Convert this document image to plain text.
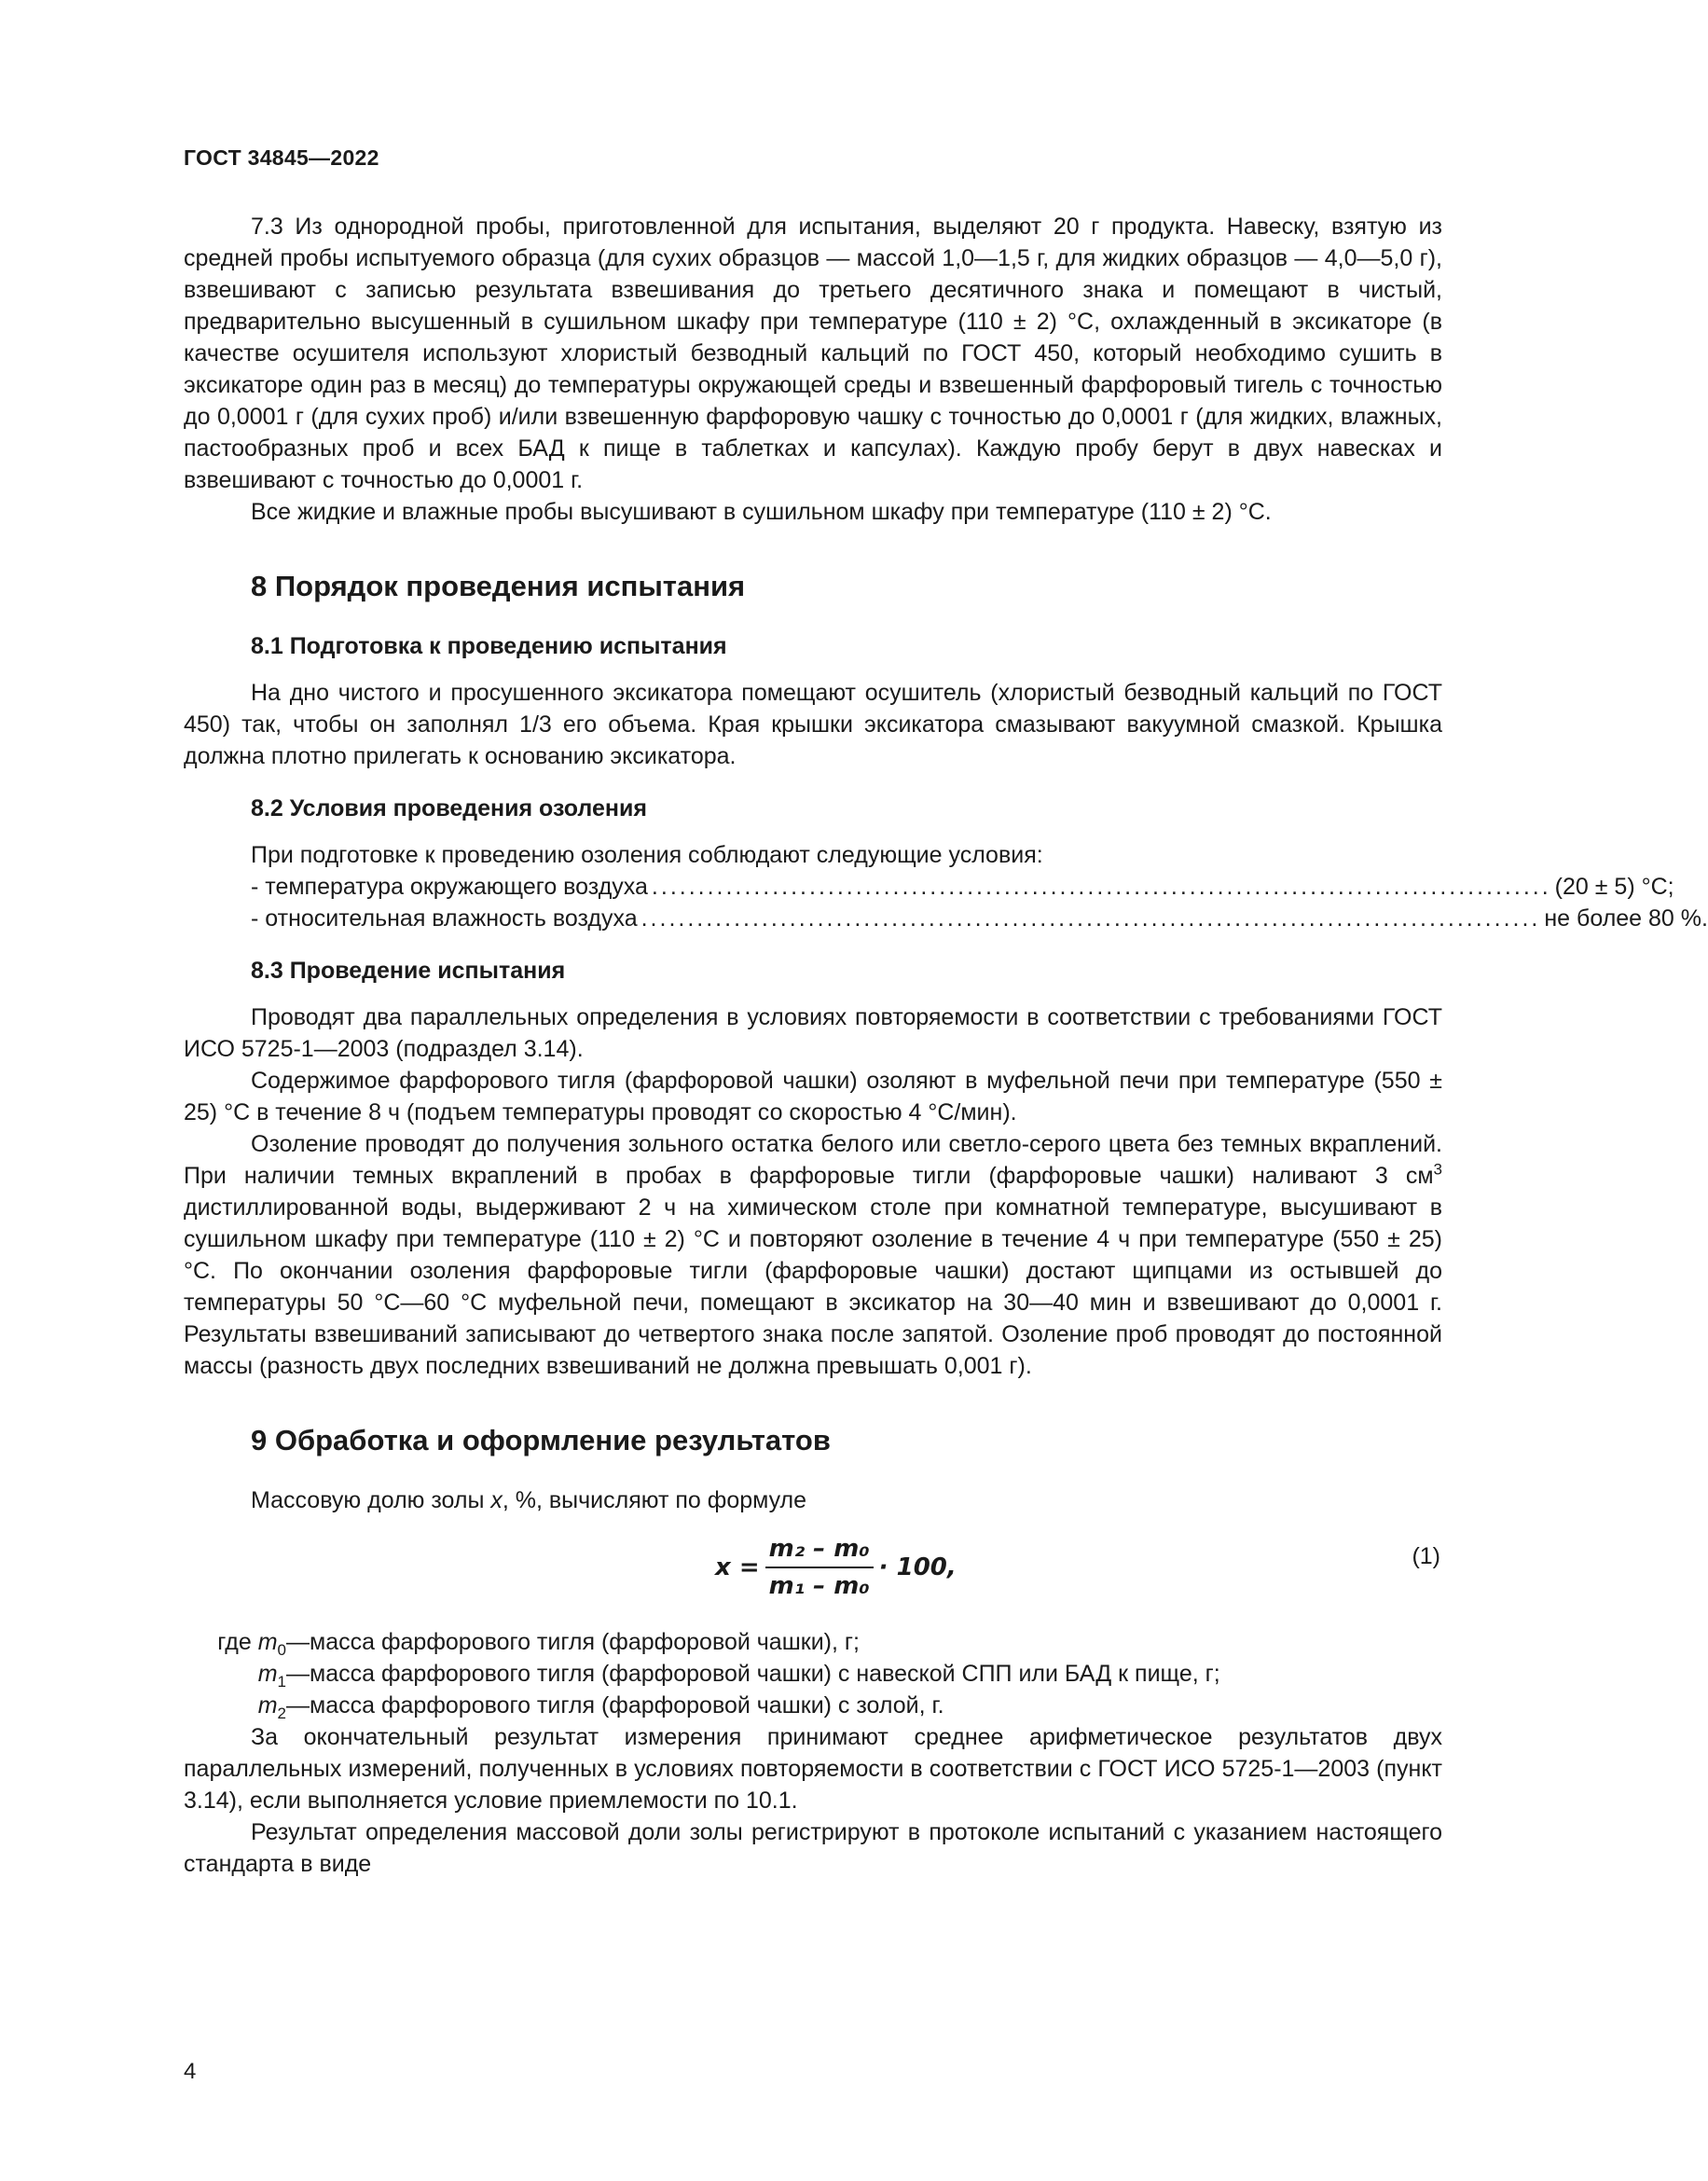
ГОСТ 34845—2022

7.3 Из однородной пробы, приготовленной для испытания, выделяют 20 г продукта. Навеску, взятую из средней пробы испытуемого образца (для сухих образцов — массой 1,0—1,5 г, для жидких образцов — 4,0—5,0 г), взвешивают с записью результата взвешивания до третьего десятичного знака и помещают в чистый, предварительно высушенный в сушильном шкафу при температуре (110 ± 2) °С, охлажденный в эксикаторе (в качестве осушителя используют хлористый безводный кальций по ГОСТ 450, который необходимо сушить в эксикаторе один раз в месяц) до температуры окружающей среды и взвешенный фарфоровый тигель с точностью до 0,0001 г (для сухих проб) и/или взвешенную фарфоровую чашку с точностью до 0,0001 г (для жидких, влажных, пастообразных проб и всех БАД к пище в таблетках и капсулах). Каждую пробу берут в двух навесках и взвешивают с точностью до 0,0001 г.

Все жидкие и влажные пробы высушивают в сушильном шкафу при температуре (110 ± 2) °С.

8 Порядок проведения испытания
8.1 Подготовка к проведению испытания

На дно чистого и просушенного эксикатора помещают осушитель (хлористый безводный кальций по ГОСТ 450) так, чтобы он заполнял 1/3 его объема. Края крышки эксикатора смазывают вакуумной смазкой. Крышка должна плотно прилегать к основанию эксикатора.

8.2 Условия проведения озоления

При подготовке к проведению озоления соблюдают следующие условия:

- температура окружающего воздуха ................................................................................................. (20 ± 5) °С;
- относительная влажность воздуха ................................................................................................. не более 80 %.
8.3 Проведение испытания

Проводят два параллельных определения в условиях повторяемости в соответствии с требованиями ГОСТ ИСО 5725-1—2003 (подраздел 3.14).

Содержимое фарфорового тигля (фарфоровой чашки) озоляют в муфельной печи при температуре (550 ± 25) °С в течение 8 ч (подъем температуры проводят со скоростью 4 °С/мин).

Озоление проводят до получения зольного остатка белого или светло-серого цвета без темных вкраплений. При наличии темных вкраплений в пробах в фарфоровые тигли (фарфоровые чашки) наливают 3 $см^3$ дистиллированной воды, выдерживают 2 ч на химическом столе при комнатной температуре, высушивают в сушильном шкафу при температуре (110 ± 2) °С и повторяют озоление в течение 4 ч при температуре (550 ± 25) °С. По окончании озоления фарфоровые тигли (фарфоровые чашки) достают щипцами из остывшей до температуры 50 °С—60 °С муфельной печи, помещают в эксикатор на 30—40 мин и взвешивают до 0,0001 г. Результаты взвешиваний записывают до четвертого знака после запятой. Озоление проб проводят до постоянной массы (разность двух последних взвешиваний не должна превышать 0,001 г).

9 Обработка и оформление результатов

Массовую долю золы x, %, вычисляют по формуле

$x = \frac{\text{m₂ – m₀}}{\text{m₁ – m₀}} \cdot 100$,	(1)
где $m_0$	—	масса фарфорового тигля (фарфоровой чашки), г;
$m_1$	—	масса фарфорового тигля (фарфоровой чашки) с навеской СПП или БАД к пище, г;
$m_2$	—	масса фарфорового тигля (фарфоровой чашки) с золой, г.

За окончательный результат измерения принимают среднее арифметическое результатов двух параллельных измерений, полученных в условиях повторяемости в соответствии с ГОСТ ИСО 5725-1—2003 (пункт 3.14), если выполняется условие приемлемости по 10.1.

Результат определения массовой доли золы регистрируют в протоколе испытаний с указанием настоящего стандарта в виде

4
